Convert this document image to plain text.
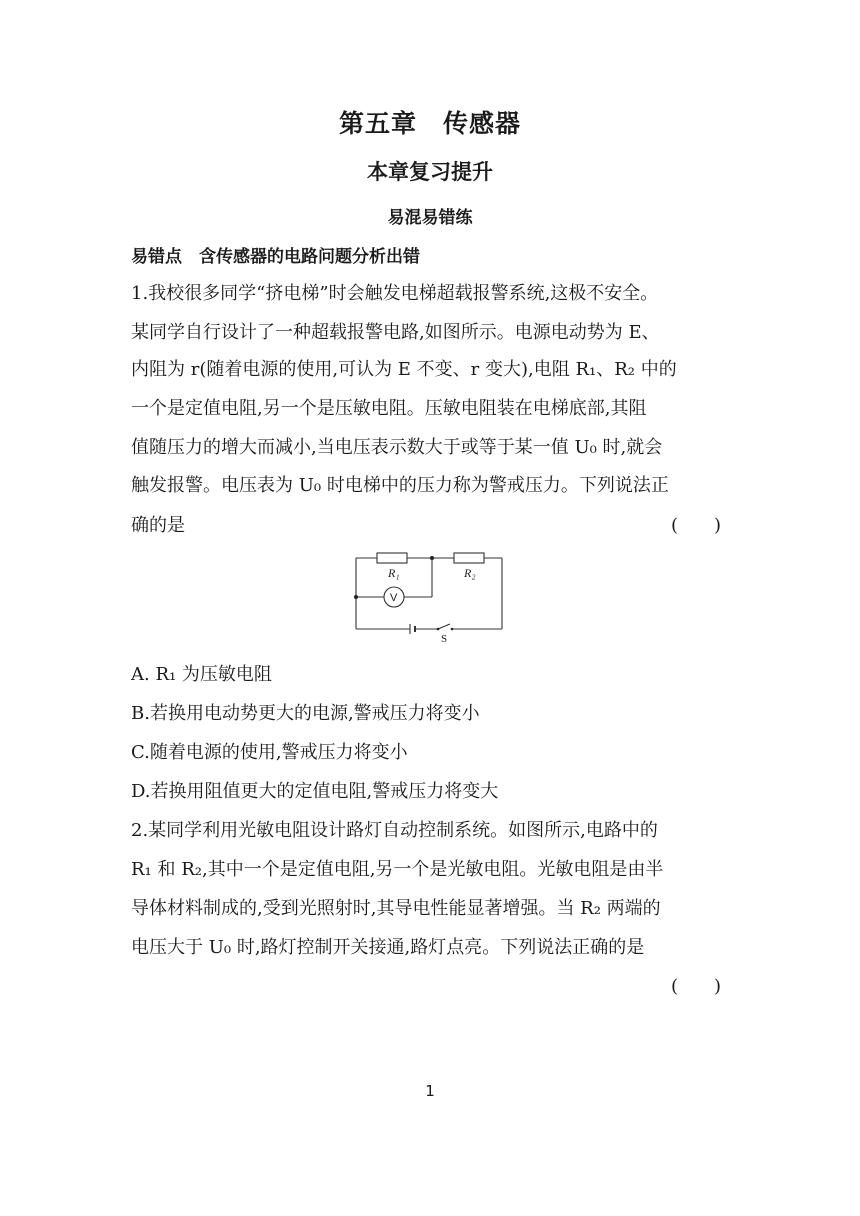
第五章　传感器
本章复习提升
易混易错练
易错点　含传感器的电路问题分析出错
1.我校很多同学“挤电梯”时会触发电梯超载报警系统,这极不安全。
某同学自行设计了一种超载报警电路,如图所示。电源电动势为 E、
内阻为 r(随着电源的使用,可认为 E 不变、r 变大),电阻 R₁、R₂ 中的
一个是定值电阻,另一个是压敏电阻。压敏电阻装在电梯底部,其阻
值随压力的增大而减小,当电压表示数大于或等于某一值 U₀ 时,就会
触发报警。电压表为 U₀ 时电梯中的压力称为警戒压力。下列说法正
确的是	(　　)
R₁	R₂
V
S
A. R₁ 为压敏电阻
B.若换用电动势更大的电源,警戒压力将变小
C.随着电源的使用,警戒压力将变小
D.若换用阻值更大的定值电阻,警戒压力将变大
2.某同学利用光敏电阻设计路灯自动控制系统。如图所示,电路中的
R₁ 和 R₂,其中一个是定值电阻,另一个是光敏电阻。光敏电阻是由半
导体材料制成的,受到光照射时,其导电性能显著增强。当 R₂ 两端的
电压大于 U₀ 时,路灯控制开关接通,路灯点亮。下列说法正确的是
(　　)
1
